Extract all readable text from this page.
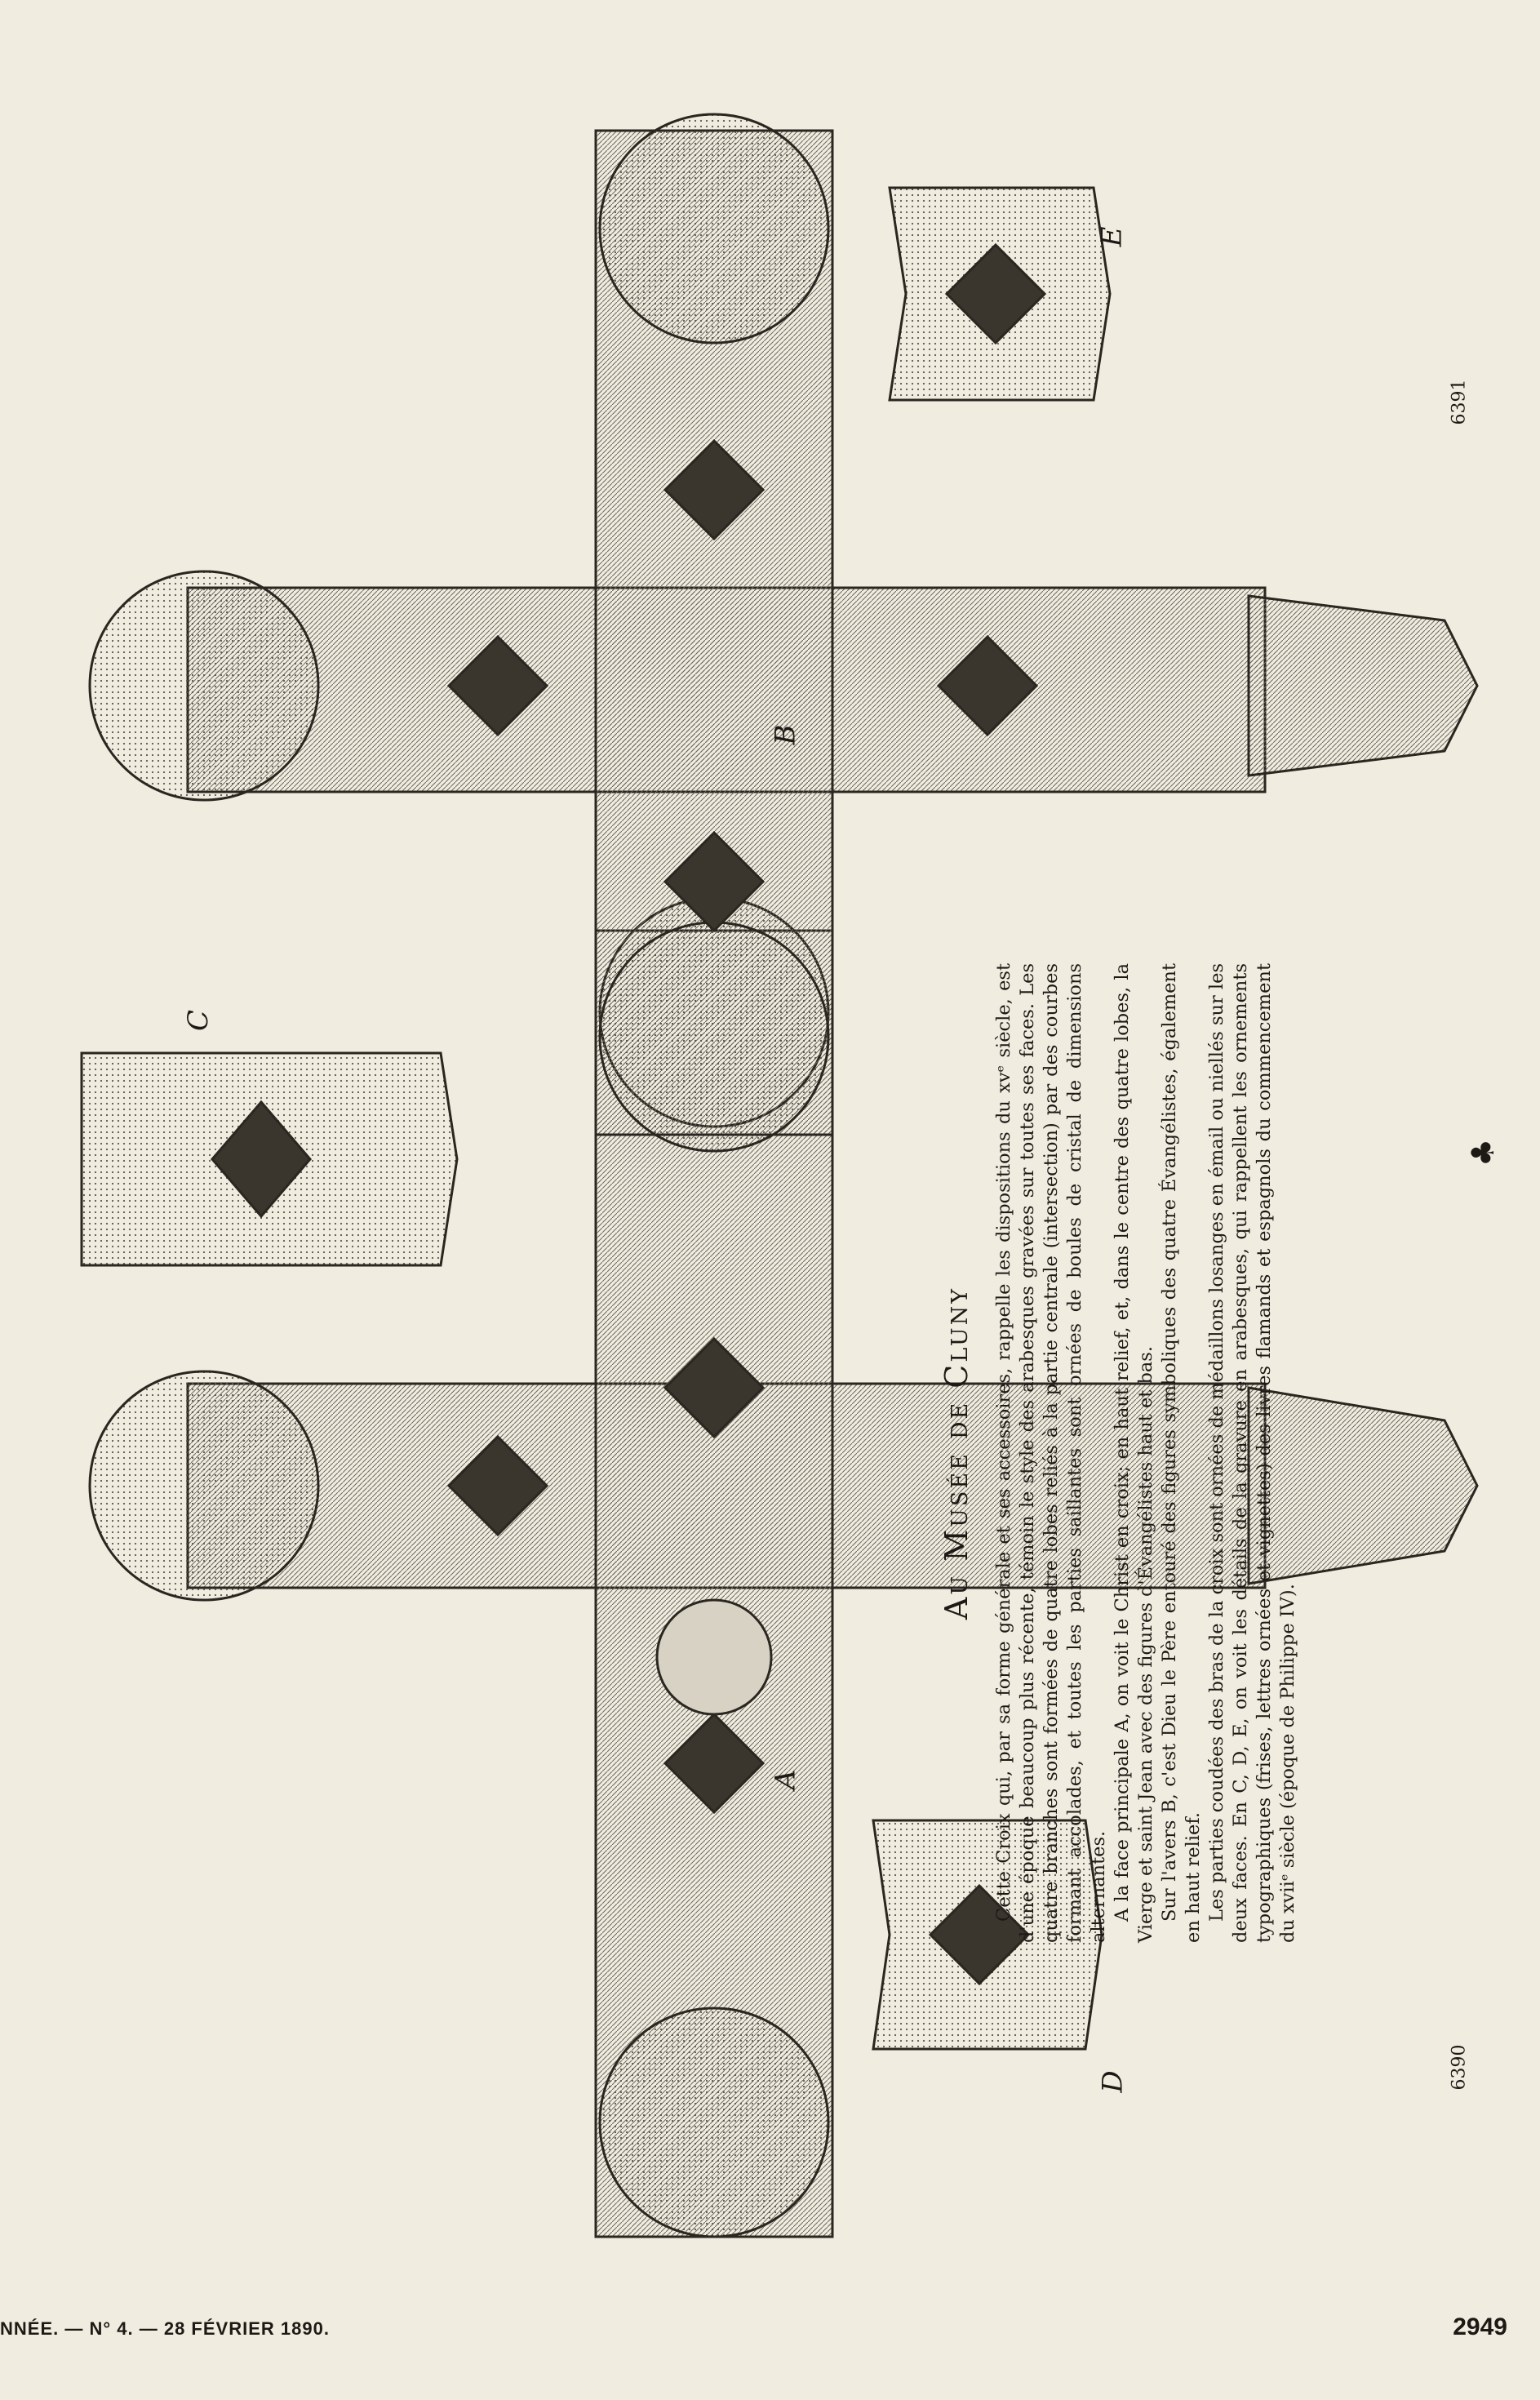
Au Musée de Cluny Cette Croix qui, par sa forme générale et ses accessoires, rappelle les dispositions du xvᵉ siècle, est d'une époque beaucoup plus récente, témoin le style des arabesques gravées sur toutes ses faces. Les quatre branches sont formées de quatre lobes reliés à la partie centrale (intersection) par des courbes formant accolades, et toutes les parties saillantes sont ornées de boules de cristal de dimensions alternantes. A la face principale A, on voit le Christ en croix; en haut relief, et, dans le centre des quatre lobes, la Vierge et saint Jean avec des figures d'Évangélistes haut et bas. Sur l'avers B, c'est Dieu le Père entouré des figures symboliques des quatre Évangélistes, également en haut relief. Les parties coudées des bras de la croix sont ornées de médaillons losanges en émail ou niellés sur les deux faces. En C, D, E, on voit les détails de la gravure en arabesques, qui rappellent les ornements typographiques (frises, lettres ornées et vignettes) des livres flamands et espagnols du commencement du xviiᵉ siècle (époque de Philippe IV).

A
B
C
D
E
6390
6391
♣
NNÉE. — N° 4. — 28 FÉVRIER 1890.	2949
